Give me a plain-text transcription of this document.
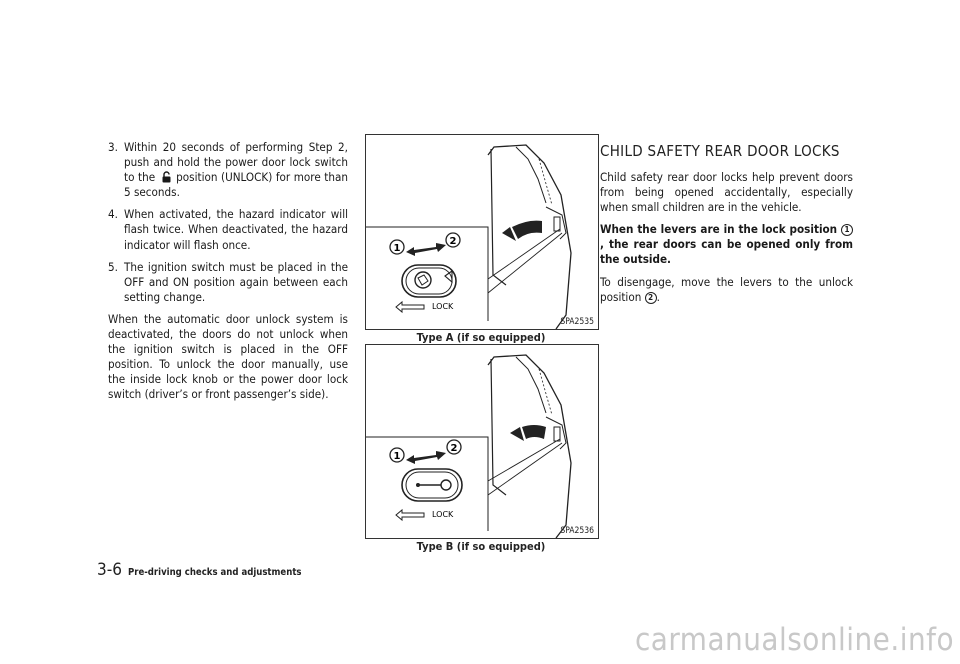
3. Within 20 seconds of performing Step 2, push and hold the power door lock switch to the position (UNLOCK) for more than 5 seconds.
4. When activated, the hazard indicator will flash twice. When deactivated, the hazard indicator will flash once.
5. The ignition switch must be placed in the OFF and ON position again between each setting change.

When the automatic door unlock system is deactivated, the doors do not unlock when the ignition switch is placed in the OFF position. To unlock the door manually, use the inside lock knob or the power door lock switch (driver’s or front passenger’s side).

1
2
LOCK
SPA2535
Type A (if so equipped)
1
2
LOCK
SPA2536
Type B (if so equipped)
CHILD SAFETY REAR DOOR LOCKS

Child safety rear door locks help prevent doors from being opened accidentally, especially when small children are in the vehicle.

When the levers are in the lock position 1, the rear doors can be opened only from the outside.

To disengage, move the levers to the unlock position 2 .

3-6 Pre-driving checks and adjustments
carmanualsonline.info
